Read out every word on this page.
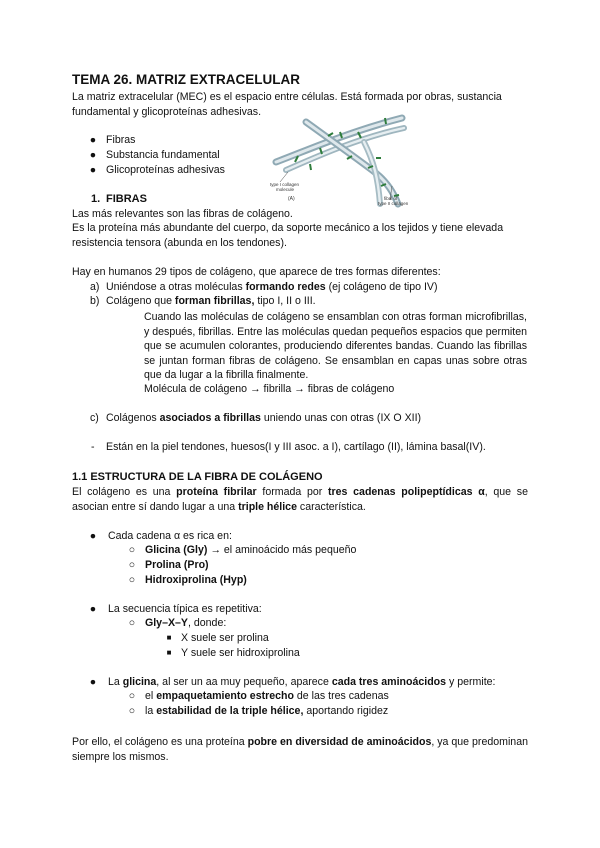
TEMA 26. MATRIZ EXTRACELULAR

La matriz extracelular (MEC) es el espacio entre células. Está formada por obras, sustancia fundamental y glicoproteínas adhesivas.

● Fibras
● Substancia fundamental
● Glicoproteínas adhesivas
type I collagen
molecule
(A)	fibril of
type II collagen
1. FIBRAS

Las más relevantes son las fibras de colágeno.

Es la proteína más abundante del cuerpo, da soporte mecánico a los tejidos y tiene elevada resistencia tensora (abunda en los tendones).

Hay en humanos 29 tipos de colágeno, que aparece de tres formas diferentes:

a) Uniéndose a otras moléculas formando redes (ej colágeno de tipo IV)

b) Colágeno que forman fibrillas, tipo I, II o III.

Cuando las moléculas de colágeno se ensamblan con otras forman microfibrillas, y después, fibrillas. Entre las moléculas quedan pequeños espacios que permiten que se acumulen colorantes, produciendo diferentes bandas. Cuando las fibrillas se juntan forman fibras de colágeno. Se ensamblan en capas unas sobre otras que da lugar a la fibrilla finalmente.

Molécula de colágeno → fibrilla → fibras de colágeno

c) Colágenos asociados a fibrillas uniendo unas con otras (IX O XII)

- Están en la piel tendones, huesos(I y III asoc. a I), cartílago (II), lámina basal(IV).

1.1 ESTRUCTURA DE LA FIBRA DE COLÁGENO

El colágeno es una proteína fibrilar formada por tres cadenas polipeptídicas α, que se asocian entre sí dando lugar a una triple hélice característica.

● Cada cadena α es rica en:

○ Glicina (Gly) → el aminoácido más pequeño

○ Prolina (Pro)

○ Hidroxiprolina (Hyp)

● La secuencia típica es repetitiva:

○ Gly–X–Y, donde:

■ X suele ser prolina

■ Y suele ser hidroxiprolina

● La glicina, al ser un aa muy pequeño, aparece cada tres aminoácidos y permite:

○ el empaquetamiento estrecho de las tres cadenas

○ la estabilidad de la triple hélice, aportando rigidez

Por ello, el colágeno es una proteína pobre en diversidad de aminoácidos, ya que predominan siempre los mismos.
